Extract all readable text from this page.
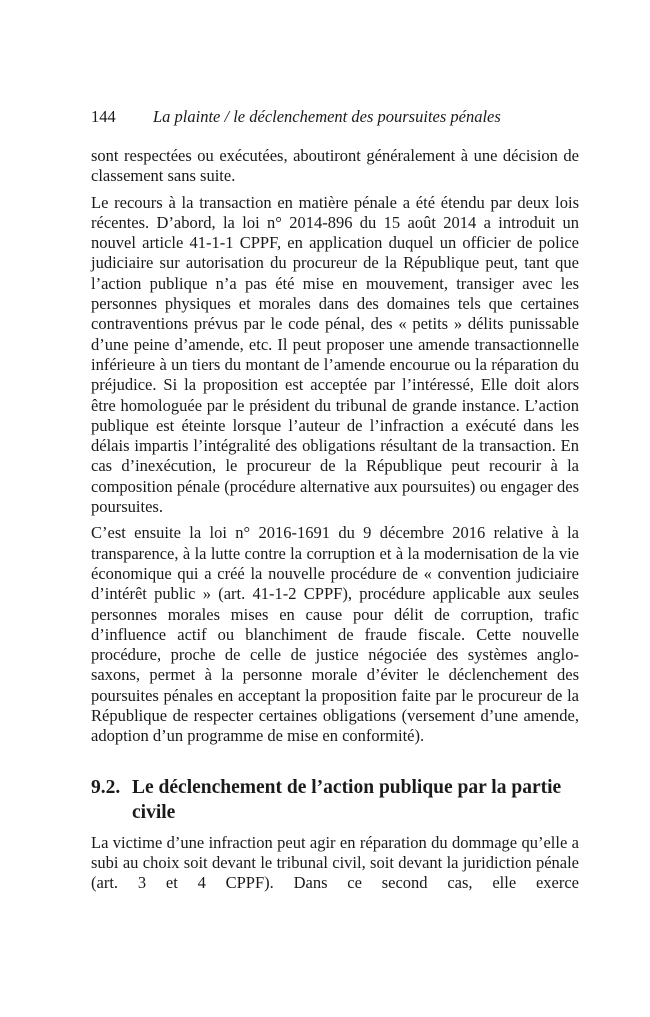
144	La plainte / le déclenchement des poursuites pénales

sont respectées ou exécutées, aboutiront généralement à une décision de classement sans suite.

Le recours à la transaction en matière pénale a été étendu par deux lois récentes. D’abord, la loi n° 2014-896 du 15 août 2014 a introduit un nouvel article 41-1-1 CPPF, en application duquel un officier de police judiciaire sur autorisation du procureur de la République peut, tant que l’action publique n’a pas été mise en mouvement, transiger avec les personnes physiques et morales dans des domaines tels que certaines contraventions prévus par le code pénal, des « petits » délits punissable d’une peine d’amende, etc. Il peut proposer une amende transactionnelle inférieure à un tiers du montant de l’amende encourue ou la réparation du préjudice. Si la proposition est acceptée par l’intéressé, Elle doit alors être homologuée par le président du tribunal de grande instance. L’action publique est éteinte lorsque l’auteur de l’infraction a exécuté dans les délais impartis l’intégralité des obligations résultant de la transaction. En cas d’inexécution, le procureur de la République peut recourir à la composition pénale (procédure alternative aux poursuites) ou engager des poursuites.

C’est ensuite la loi n° 2016-1691 du 9 décembre 2016 relative à la transparence, à la lutte contre la corruption et à la modernisation de la vie économique qui a créé la nouvelle procédure de « convention judiciaire d’intérêt public » (art. 41-1-2 CPPF), procédure applicable aux seules personnes morales mises en cause pour délit de corruption, trafic d’influence actif ou blanchiment de fraude fiscale. Cette nouvelle procédure, proche de celle de justice négociée des systèmes anglo-saxons, permet à la personne morale d’éviter le déclenchement des poursuites pénales en acceptant la proposition faite par le procureur de la République de respecter certaines obligations (versement d’une amende, adoption d’un programme de mise en conformité).

9.2. Le déclenchement de l’action publique par la partie civile

La victime d’une infraction peut agir en réparation du dommage qu’elle a subi au choix soit devant le tribunal civil, soit devant la juridiction pénale (art. 3 et 4 CPPF). Dans ce second cas, elle exerce
